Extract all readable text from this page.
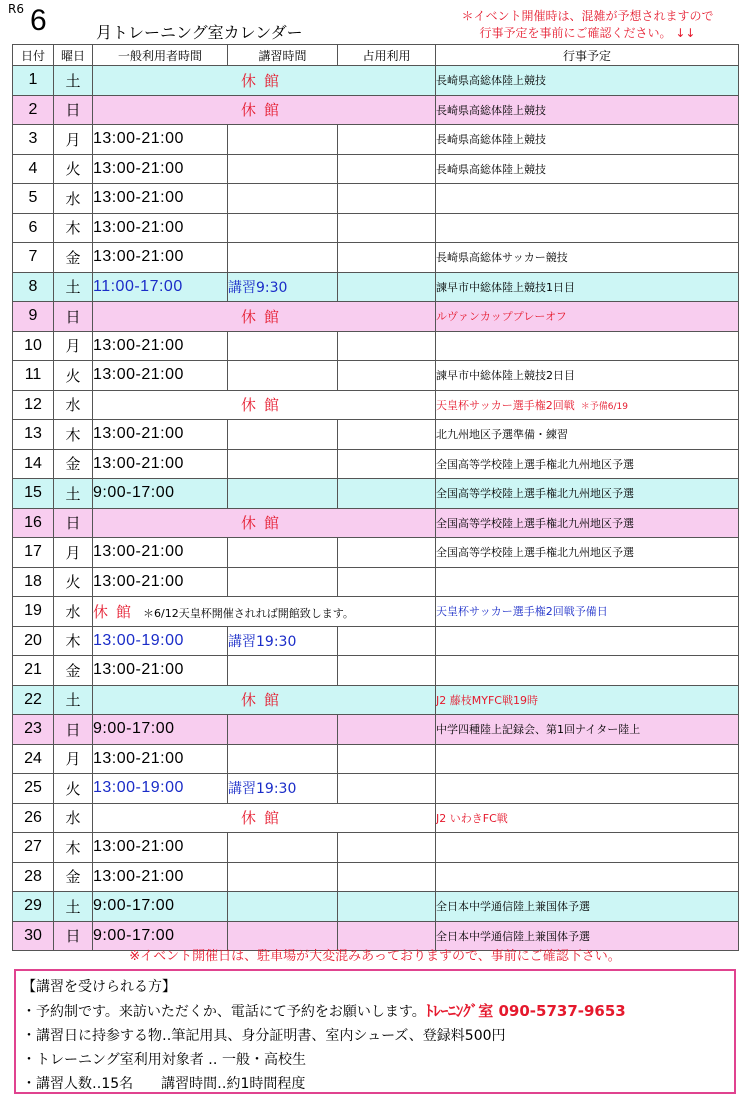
R6 6	月トレーニング室カレンダー
＊イベント開催時は、混雑が予想されますので
行事予定を事前にご確認ください。 ↓↓
日付	曜日	一般利用者時間	講習時間	占用利用	行事予定
1	土	休館			長崎県高総体陸上競技
2	日	休館			長崎県高総体陸上競技
3	月	13:00-21:00			長崎県高総体陸上競技
4	火	13:00-21:00			長崎県高総体陸上競技
5	水	13:00-21:00			
6	木	13:00-21:00			
7	金	13:00-21:00			長崎県高総体サッカー競技
8	土	11:00-17:00	講習9:30		諫早市中総体陸上競技1日目
9	日	休館			ルヴァンカッププレーオフ
10	月	13:00-21:00			
11	火	13:00-21:00			諫早市中総体陸上競技2日目
12	水	休館			天皇杯サッカー選手権2回戦 ＊予備6/19
13	木	13:00-21:00			北九州地区予選準備・練習
14	金	13:00-21:00			全国高等学校陸上選手権北九州地区予選
15	土	9:00-17:00			全国高等学校陸上選手権北九州地区予選
16	日	休館			全国高等学校陸上選手権北九州地区予選
17	月	13:00-21:00			全国高等学校陸上選手権北九州地区予選
18	火	13:00-21:00			
19	水	休館 ＊6/12天皇杯開催されれば開館致します。			天皇杯サッカー選手権2回戦予備日
20	木	13:00-19:00	講習19:30		
21	金	13:00-21:00			
22	土	休館			J2 藤枝MYFC戦19時
23	日	9:00-17:00			中学四種陸上記録会、第1回ナイター陸上
24	月	13:00-21:00			
25	火	13:00-19:00	講習19:30		
26	水	休館			J2 いわきFC戦
27	木	13:00-21:00			
28	金	13:00-21:00			
29	土	9:00-17:00			全日本中学通信陸上兼国体予選
30	日	9:00-17:00			全日本中学通信陸上兼国体予選
※イベント開催日は、駐車場が大変混みあっておりますので、事前にご確認下さい。
【講習を受けられる方】
・予約制です。来訪いただくか、電話にて予約をお願いします。ﾄﾚｰﾆﾝｸﾞ室 090-5737-9653
・講習日に持参する物‥筆記用具、身分証明書、室内シューズ、登録料500円
・トレーニング室利用対象者 ‥ 一般・高校生
・講習人数‥15名　　講習時間‥約1時間程度
